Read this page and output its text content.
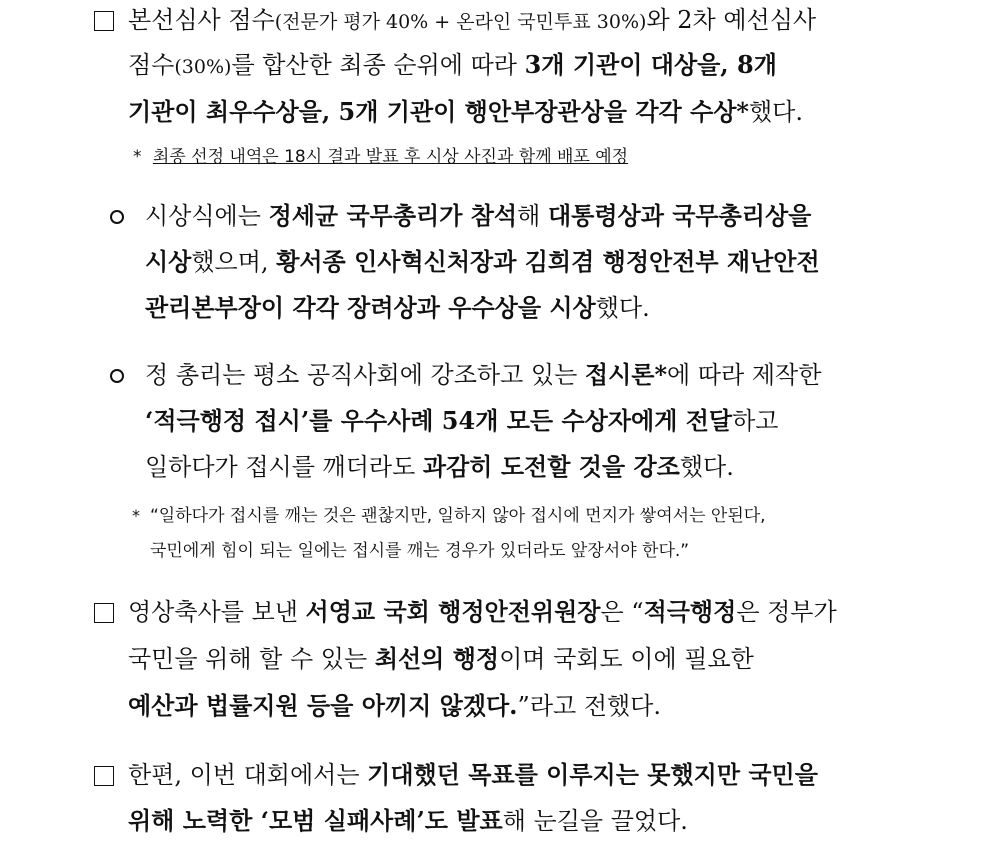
본선심사 점수(전문가 평가 40% + 온라인 국민투표 30%)와 2차 예선심사
점수(30%)를 합산한 최종 순위에 따라 3개 기관이 대상을, 8개
기관이 최우수상을, 5개 기관이 행안부장관상을 각각 수상*했다.
* 최종 선정 내역은 18시 결과 발표 후 시상 사진과 함께 배포 예정
시상식에는 정세균 국무총리가 참석해 대통령상과 국무총리상을
시상했으며, 황서종 인사혁신처장과 김희겸 행정안전부 재난안전
관리본부장이 각각 장려상과 우수상을 시상했다.
정 총리는 평소 공직사회에 강조하고 있는 접시론*에 따라 제작한
‘적극행정 접시’를 우수사례 54개 모든 수상자에게 전달하고
일하다가 접시를 깨더라도 과감히 도전할 것을 강조했다.
* “일하다가 접시를 깨는 것은 괜찮지만, 일하지 않아 접시에 먼지가 쌓여서는 안된다,
국민에게 힘이 되는 일에는 접시를 깨는 경우가 있더라도 앞장서야 한다.”
영상축사를 보낸 서영교 국회 행정안전위원장은 “적극행정은 정부가
국민을 위해 할 수 있는 최선의 행정이며 국회도 이에 필요한
예산과 법률지원 등을 아끼지 않겠다.”라고 전했다.
한편, 이번 대회에서는 기대했던 목표를 이루지는 못했지만 국민을
위해 노력한 ‘모범 실패사례’도 발표해 눈길을 끌었다.
